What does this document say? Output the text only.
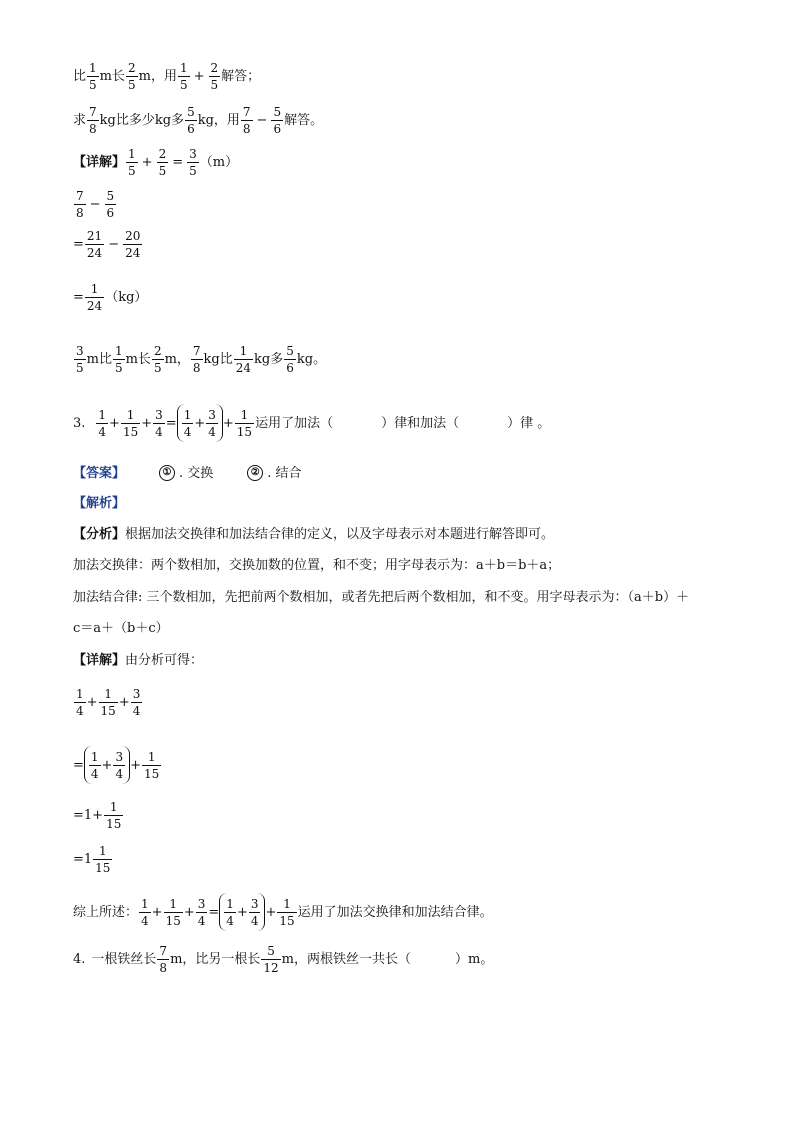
比 $\frac{1}{5}$ m长 $\frac{2}{5}$ m，用 $\frac{1}{5} + \frac{2}{5}$ 解答；
求 $\frac{7}{8}$ kg比多少kg多 $\frac{5}{6}$ kg，用 $\frac{7}{8} - \frac{5}{6}$ 解答。
【详解】 $\frac{1}{5} + \frac{2}{5} = \frac{3}{5} (m)$
$\frac{7}{8} - \frac{5}{6}$
= $\frac{21}{24} - \frac{20}{24}$
= $\frac{1}{24} (kg)$
$\frac{3}{5}$ m比 $\frac{1}{5}$ m长 $\frac{2}{5}$ m， $\frac{7}{8}$ kg比 $\frac{1}{24}$ kg多 $\frac{5}{6}$ kg。
3. $\frac{1}{4} + \frac{1}{15} + \frac{3}{4} = \frac{1}{4} + \frac{3}{4} + \frac{1}{15}$ 运用了加法（	）律和加法（	）律 。
【答案】	① . 交换	② . 结合
【解析】
【分析】 根据加法交换律和加法结合律的定义，以及字母表示对本题进行解答即可。
加法交换律：两个数相加，交换加数的位置，和不变；用字母表示为：a＋b＝b＋a；
加法结合律: 三个数相加，先把前两个数相加，或者先把后两个数相加，和不变。用字母表示为：（a＋b）＋
c＝a＋（b＋c）
【详解】 由分析可得：
$\frac{1}{4} + \frac{1}{15} + \frac{3}{4}$
= $\frac{1}{4} + \frac{3}{4} + \frac{1}{15}$
$=1+ \frac{1}{15}$
$=1 \frac{1}{15}$
综上所述： $\frac{1}{4} + \frac{1}{15} + \frac{3}{4} = \frac{1}{4} + \frac{3}{4} + \frac{1}{15}$ 运用了加法交换律和加法结合律。
4. 一根铁丝长 $\frac{7}{8}$ m，比另一根长 $\frac{5}{12}$ m，两根铁丝一共长（	）m。
